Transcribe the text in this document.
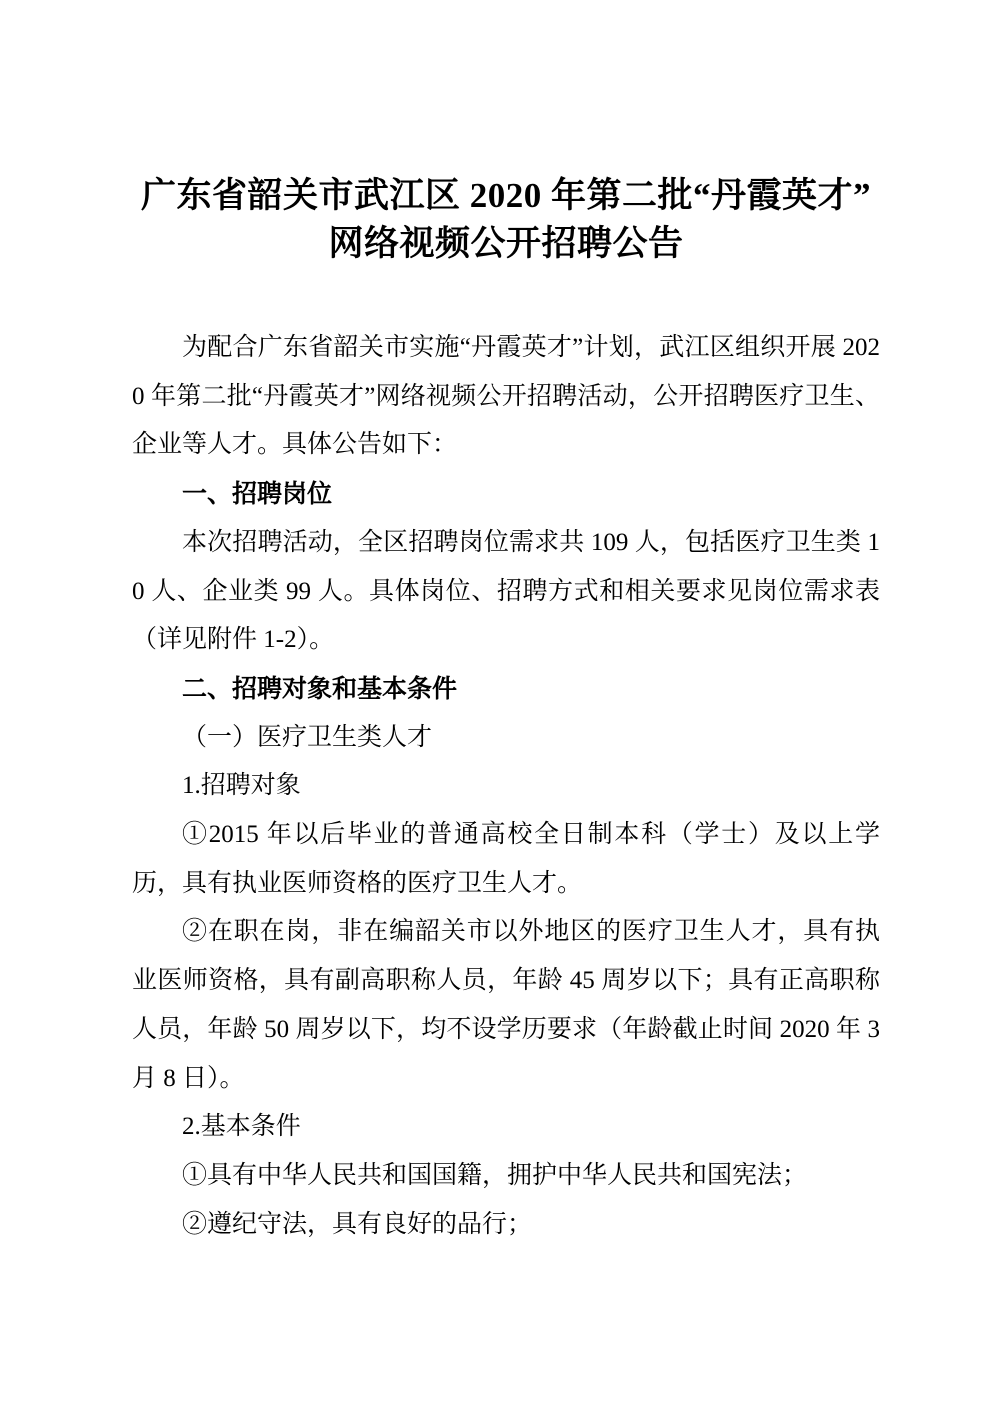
广东省韶关市武江区 2020 年第二批“丹霞英才”
网络视频公开招聘公告

为配合广东省韶关市实施“丹霞英才”计划，武江区组织开展 2020 年第二批“丹霞英才”网络视频公开招聘活动，公开招聘医疗卫生、企业等人才。具体公告如下：

一、招聘岗位

本次招聘活动，全区招聘岗位需求共 109 人，包括医疗卫生类 10 人、企业类 99 人。具体岗位、招聘方式和相关要求见岗位需求表（详见附件 1-2）。

二、招聘对象和基本条件

（一）医疗卫生类人才

1.招聘对象

①2015 年以后毕业的普通高校全日制本科（学士）及以上学历，具有执业医师资格的医疗卫生人才。

②在职在岗，非在编韶关市以外地区的医疗卫生人才，具有执业医师资格，具有副高职称人员，年龄 45 周岁以下；具有正高职称人员，年龄 50 周岁以下，均不设学历要求（年龄截止时间 2020 年 3 月 8 日）。

2.基本条件

①具有中华人民共和国国籍，拥护中华人民共和国宪法；

②遵纪守法，具有良好的品行；
